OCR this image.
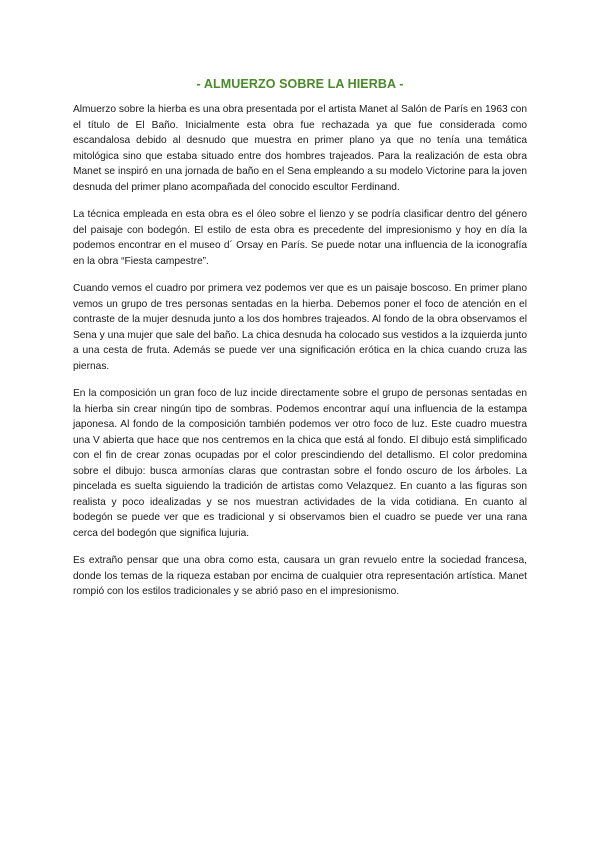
- ALMUERZO SOBRE LA HIERBA -

Almuerzo sobre la hierba es una obra presentada por el artista Manet al Salón de París en 1963 con el título de El Baño. Inicialmente esta obra fue rechazada ya que fue considerada como escandalosa debido al desnudo que muestra en primer plano ya que no tenía una temática mitológica sino que estaba situado entre dos hombres trajeados. Para la realización de esta obra Manet se inspiró en una jornada de baño en el Sena empleando a su modelo Victorine para la joven desnuda del primer plano acompañada del conocido escultor Ferdinand.

La técnica empleada en esta obra es el óleo sobre el lienzo y se podría clasificar dentro del género del paisaje con bodegón. El estilo de esta obra es precedente del impresionismo y hoy en día la podemos encontrar en el museo d´ Orsay en París. Se puede notar una influencia de la iconografía en la obra “Fiesta campestre”.

Cuando vemos el cuadro por primera vez podemos ver que es un paisaje boscoso. En primer plano vemos un grupo de tres personas sentadas en la hierba. Debemos poner el foco de atención en el contraste de la mujer desnuda junto a los dos hombres trajeados. Al fondo de la obra observamos el Sena y una mujer que sale del baño. La chica desnuda ha colocado sus vestidos a la izquierda junto a una cesta de fruta. Además se puede ver una significación erótica en la chica cuando cruza las piernas.

En la composición un gran foco de luz incide directamente sobre el grupo de personas sentadas en la hierba sin crear ningún tipo de sombras. Podemos encontrar aquí una influencia de la estampa japonesa. Al fondo de la composición también podemos ver otro foco de luz. Este cuadro muestra una V abierta que hace que nos centremos en la chica que está al fondo. El dibujo está simplificado con el fin de crear zonas ocupadas por el color prescindiendo del detallismo. El color predomina sobre el dibujo: busca armonías claras que contrastan sobre el fondo oscuro de los árboles. La pincelada es suelta siguiendo la tradición de artistas como Velazquez. En cuanto a las figuras son realista y poco idealizadas y se nos muestran actividades de la vida cotidiana. En cuanto al bodegón se puede ver que es tradicional y si observamos bien el cuadro se puede ver una rana cerca del bodegón que significa lujuria.

Es extraño pensar que una obra como esta, causara un gran revuelo entre la sociedad francesa, donde los temas de la riqueza estaban por encima de cualquier otra representación artística. Manet rompió con los estilos tradicionales y se abrió paso en el impresionismo.
